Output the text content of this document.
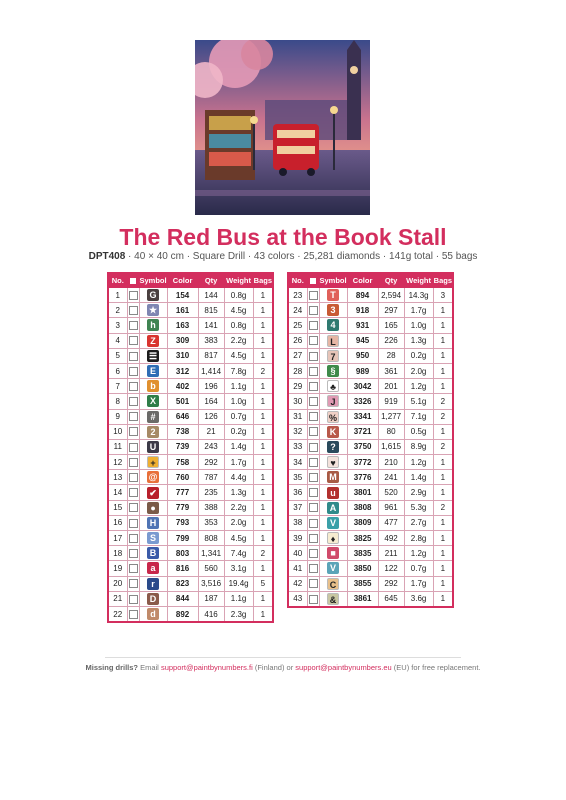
The Red Bus at the Book Stall
DPT408 · 40 × 40 cm · Square Drill · 43 colors · 25,281 diamonds · 141g total · 55 bags
No.		Symbol	Color	Qty	Weight	Bags
1		G	154	144	0.8g	1
2		★	161	815	4.5g	1
3		h	163	141	0.8g	1
4		Z	309	383	2.2g	1
5		☰	310	817	4.5g	1
6		E	312	1,414	7.8g	2
7		b	402	196	1.1g	1
8		X	501	164	1.0g	1
9		#	646	126	0.7g	1
10		2	738	21	0.2g	1
11		U	739	243	1.4g	1
12		+	758	292	1.7g	1
13		@	760	787	4.4g	1
14		✔	777	235	1.3g	1
15		●	779	388	2.2g	1
16		H	793	353	2.0g	1
17		S	799	808	4.5g	1
18		B	803	1,341	7.4g	2
19		a	816	560	3.1g	1
20		r	823	3,516	19.4g	5
21		D	844	187	1.1g	1
22		d	892	416	2.3g	1
No.		Symbol	Color	Qty	Weight	Bags
23		T	894	2,594	14.3g	3
24		3	918	297	1.7g	1
25		4	931	165	1.0g	1
26		L	945	226	1.3g	1
27		7	950	28	0.2g	1
28		§	989	361	2.0g	1
29		♣	3042	201	1.2g	1
30		J	3326	919	5.1g	2
31		%	3341	1,277	7.1g	2
32		K	3721	80	0.5g	1
33		?	3750	1,615	8.9g	2
34		♥	3772	210	1.2g	1
35		M	3776	241	1.4g	1
36		u	3801	520	2.9g	1
37		A	3808	961	5.3g	2
38		V	3809	477	2.7g	1
39		♦	3825	492	2.8g	1
40		■	3835	211	1.2g	1
41		V	3850	122	0.7g	1
42		C	3855	292	1.7g	1
43		&	3861	645	3.6g	1
Missing drills? Email support@paintbynumbers.fi (Finland) or support@paintbynumbers.eu (EU) for free replacement.
